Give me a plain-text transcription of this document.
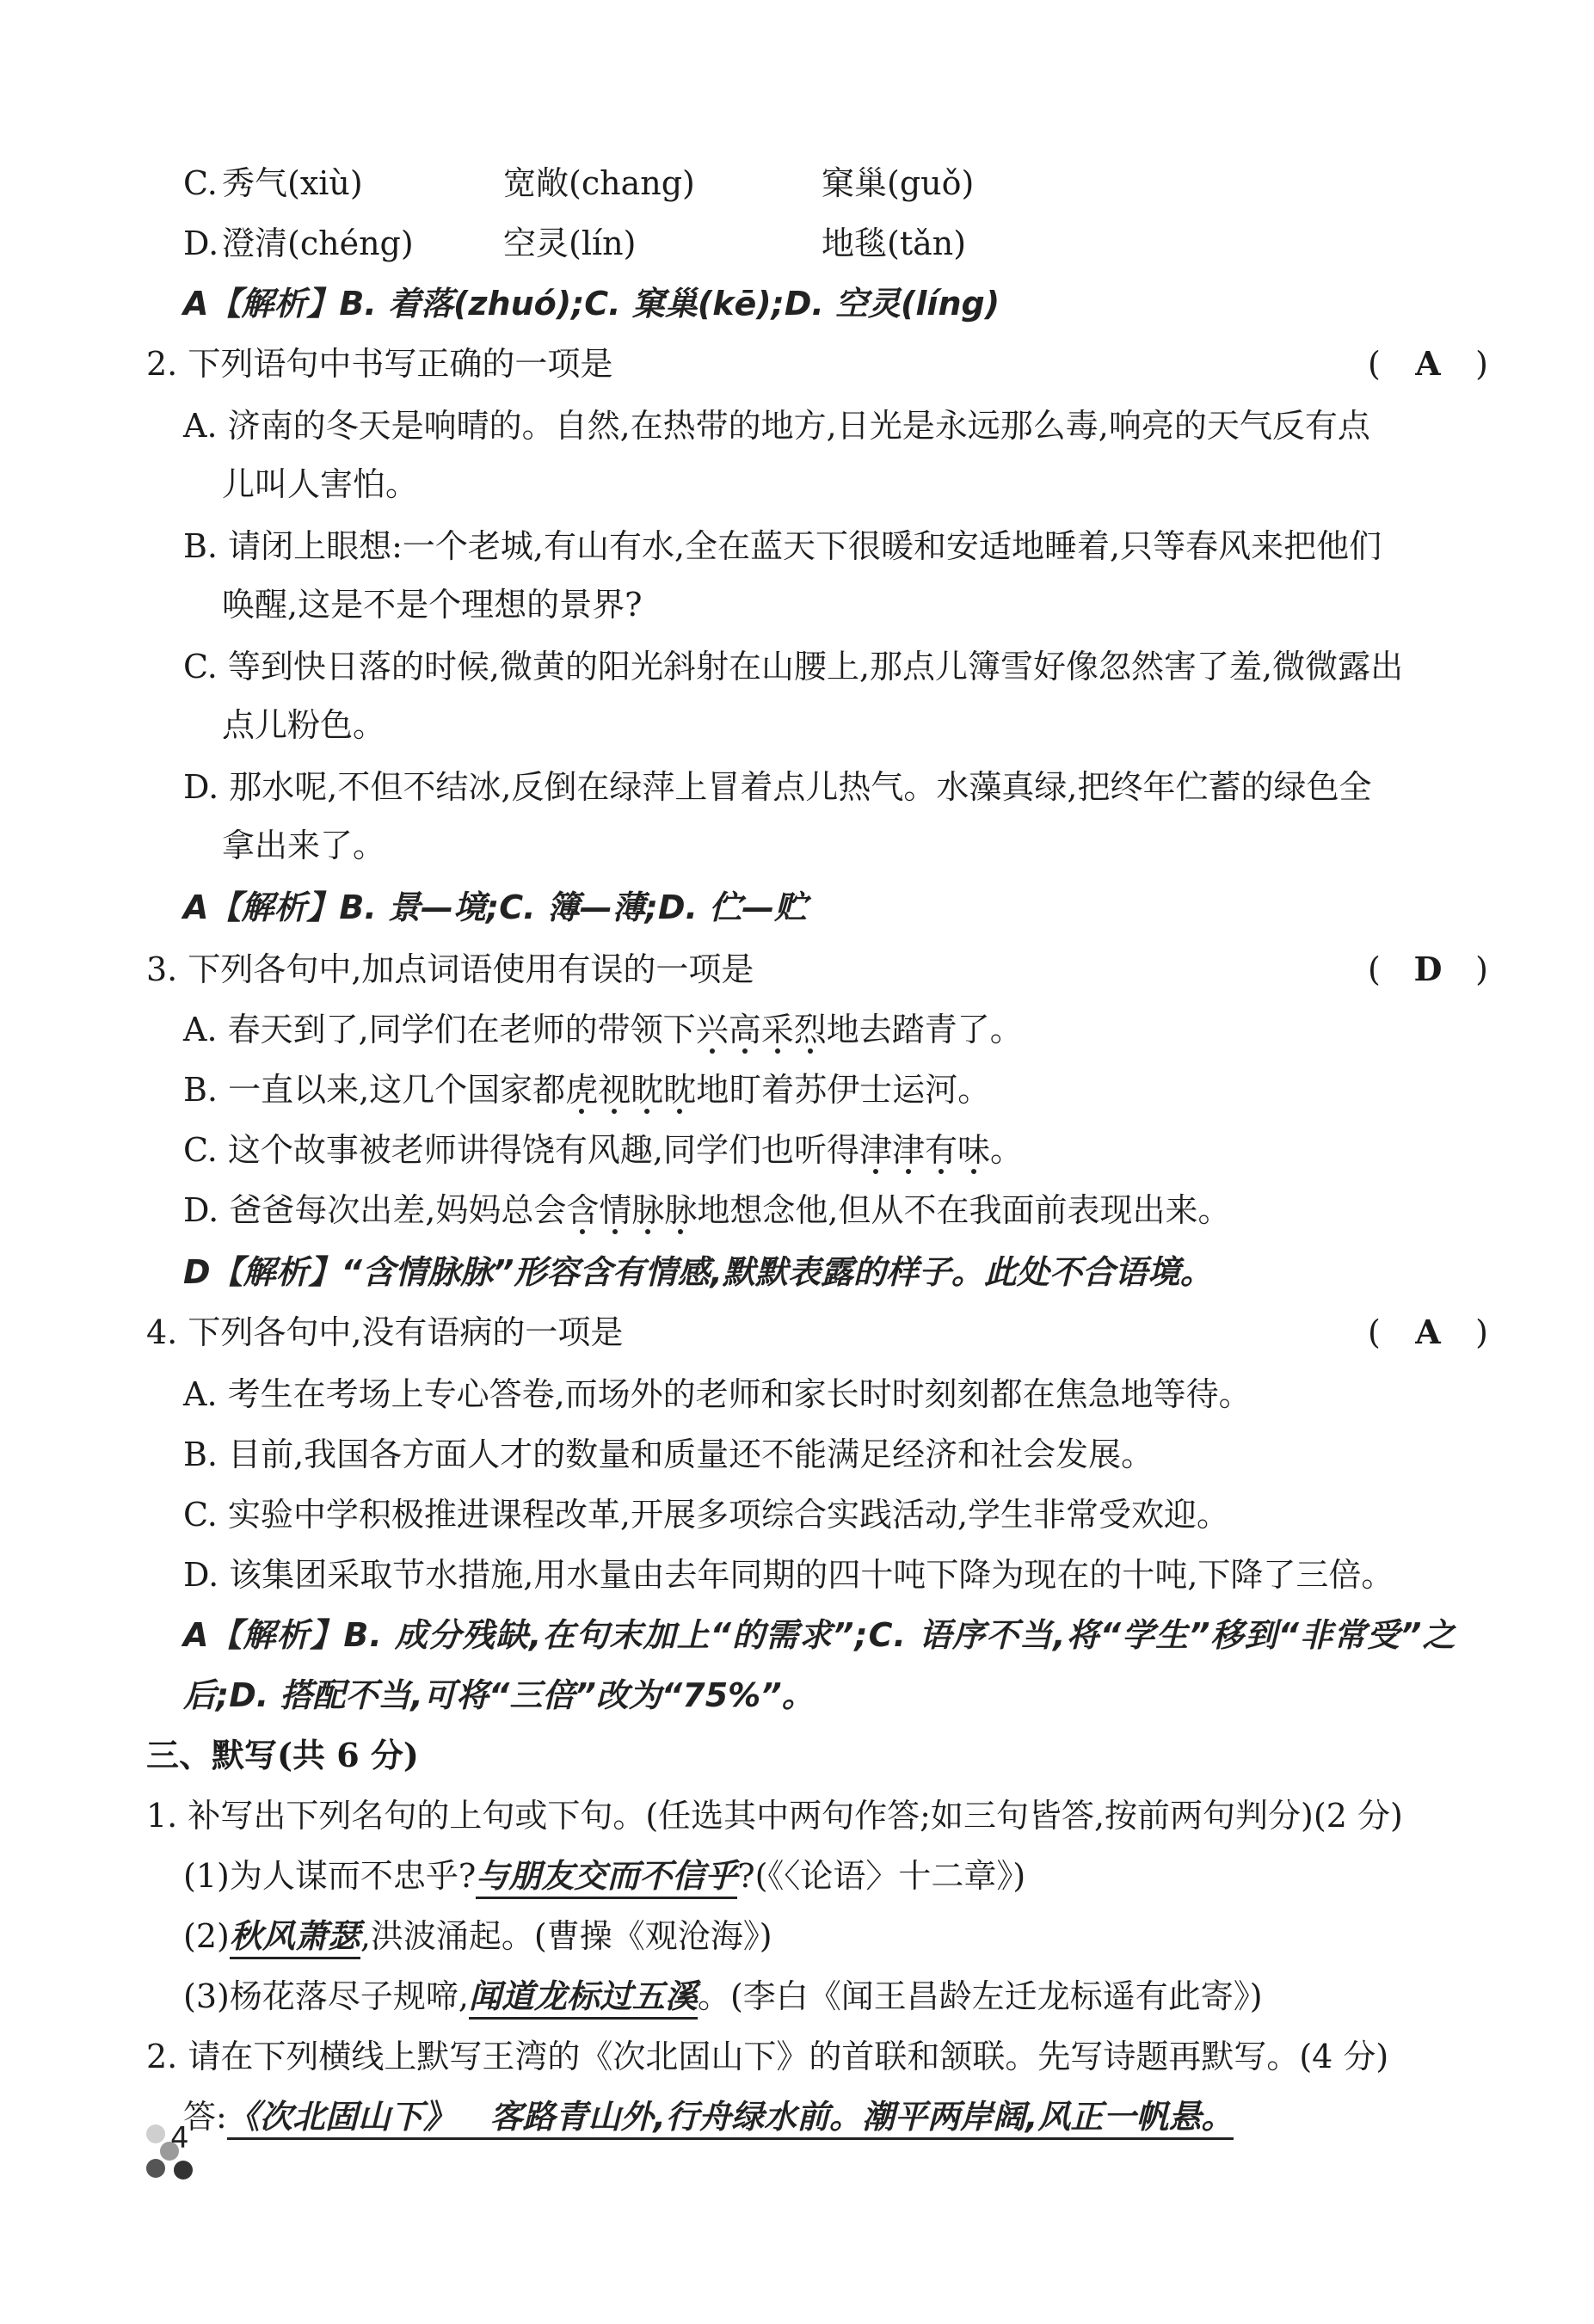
C. 秀气(xiù)	宽敞(chang)	窠巢(guǒ)
D. 澄清(chéng)	空灵(lín)	地毯(tǎn)
A【解析】B. 着落(zhuó);C. 窠巢(kē);D. 空灵(líng)
2. 下列语句中书写正确的一项是	(	A	)
A. 济南的冬天是响晴的。自然,在热带的地方,日光是永远那么毒,响亮的天气反有点
儿叫人害怕。
B. 请闭上眼想:一个老城,有山有水,全在蓝天下很暖和安适地睡着,只等春风来把他们
唤醒,这是不是个理想的景界?
C. 等到快日落的时候,微黄的阳光斜射在山腰上,那点儿簿雪好像忽然害了羞,微微露出
点儿粉色。
D. 那水呢,不但不结冰,反倒在绿萍上冒着点儿热气。水藻真绿,把终年伫蓄的绿色全
拿出来了。
A【解析】B. 景—境;C. 簿—薄;D. 伫—贮
3. 下列各句中,加点词语使用有误的一项是	(	D	)
A. 春天到了,同学们在老师的带领下兴高采烈地去踏青了。
B. 一直以来,这几个国家都虎视眈眈地盯着苏伊士运河。
C. 这个故事被老师讲得饶有风趣,同学们也听得津津有味。
D. 爸爸每次出差,妈妈总会含情脉脉地想念他,但从不在我面前表现出来。
D【解析】“含情脉脉”形容含有情感,默默表露的样子。此处不合语境。
4. 下列各句中,没有语病的一项是	(	A	)
A. 考生在考场上专心答卷,而场外的老师和家长时时刻刻都在焦急地等待。
B. 目前,我国各方面人才的数量和质量还不能满足经济和社会发展。
C. 实验中学积极推进课程改革,开展多项综合实践活动,学生非常受欢迎。
D. 该集团采取节水措施,用水量由去年同期的四十吨下降为现在的十吨,下降了三倍。
A【解析】B. 成分残缺,在句末加上“的需求”;C. 语序不当,将“学生”移到“非常受”之
后;D. 搭配不当,可将“三倍”改为“75%”。
三、默写(共 6 分)
1. 补写出下列名句的上句或下句。(任选其中两句作答;如三句皆答,按前两句判分)(2 分)
(1)为人谋而不忠乎?与朋友交而不信乎?(《〈论语〉十二章》)
(2)秋风萧瑟,洪波涌起。(曹操《观沧海》)
(3)杨花落尽子规啼,闻道龙标过五溪。(李白《闻王昌龄左迁龙标遥有此寄》)
2. 请在下列横线上默写王湾的《次北固山下》的首联和颔联。先写诗题再默写。(4 分)
答:《次北固山下》   客路青山外,行舟绿水前。潮平两岸阔,风正一帆悬。
4
